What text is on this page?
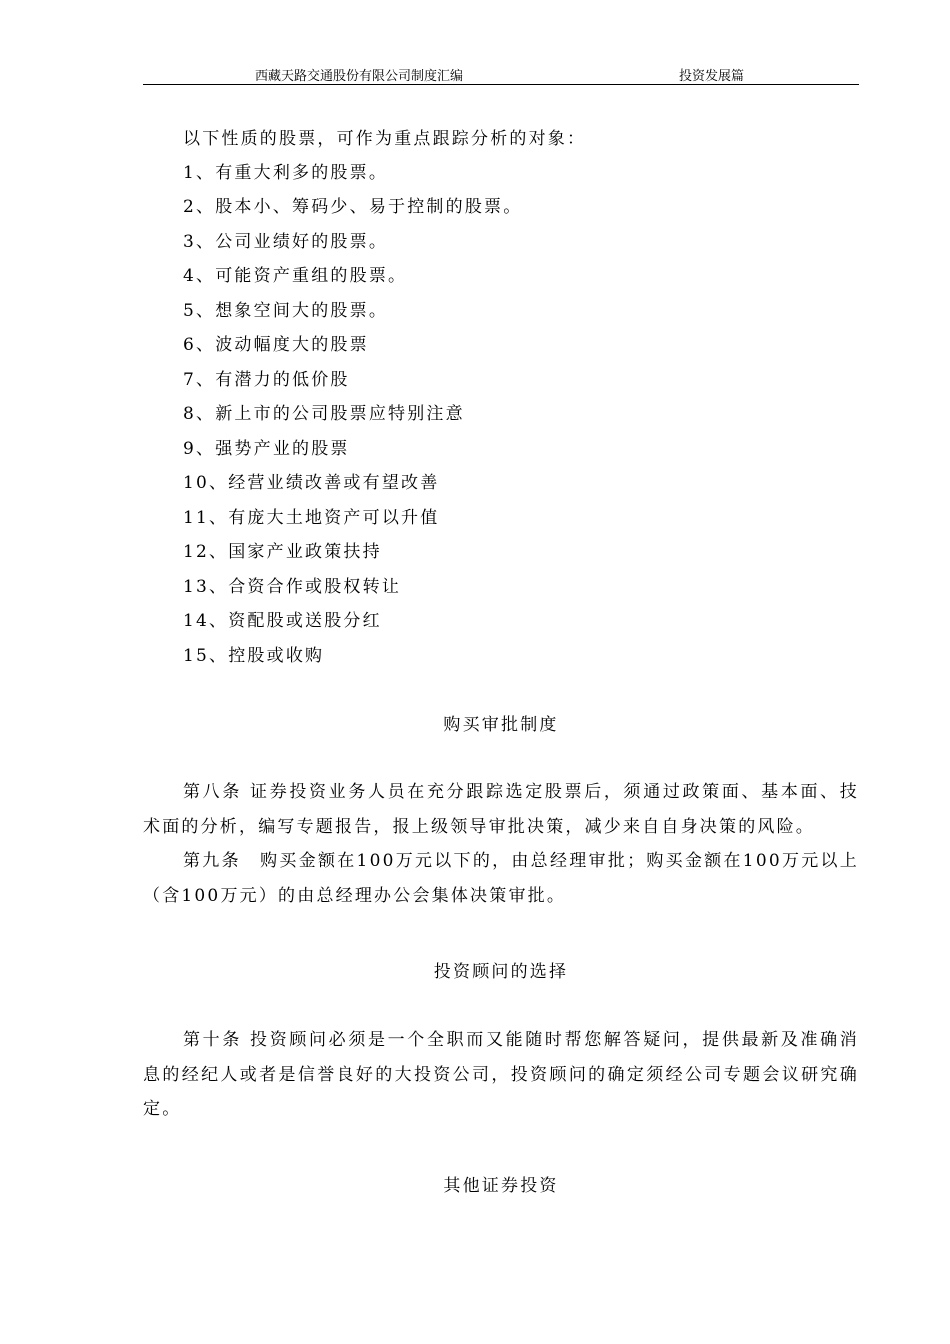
西藏天路交通股份有限公司制度汇编	投资发展篇
以下性质的股票，可作为重点跟踪分析的对象：
1、有重大利多的股票。
2、股本小、筹码少、易于控制的股票。
3、公司业绩好的股票。
4、可能资产重组的股票。
5、想象空间大的股票。
6、波动幅度大的股票
7、有潜力的低价股
8、新上市的公司股票应特别注意
9、强势产业的股票
10、经营业绩改善或有望改善
11、有庞大土地资产可以升值
12、国家产业政策扶持
13、合资合作或股权转让
14、资配股或送股分红
15、控股或收购
购买审批制度
第八条 证券投资业务人员在充分跟踪选定股票后，须通过政策面、基本面、技术面的分析，编写专题报告，报上级领导审批决策，减少来自自身决策的风险。
第九条　购买金额在100万元以下的，由总经理审批；购买金额在100万元以上（含100万元）的由总经理办公会集体决策审批。
投资顾问的选择
第十条 投资顾问必须是一个全职而又能随时帮您解答疑问，提供最新及准确消息的经纪人或者是信誉良好的大投资公司，投资顾问的确定须经公司专题会议研究确定。
其他证券投资
